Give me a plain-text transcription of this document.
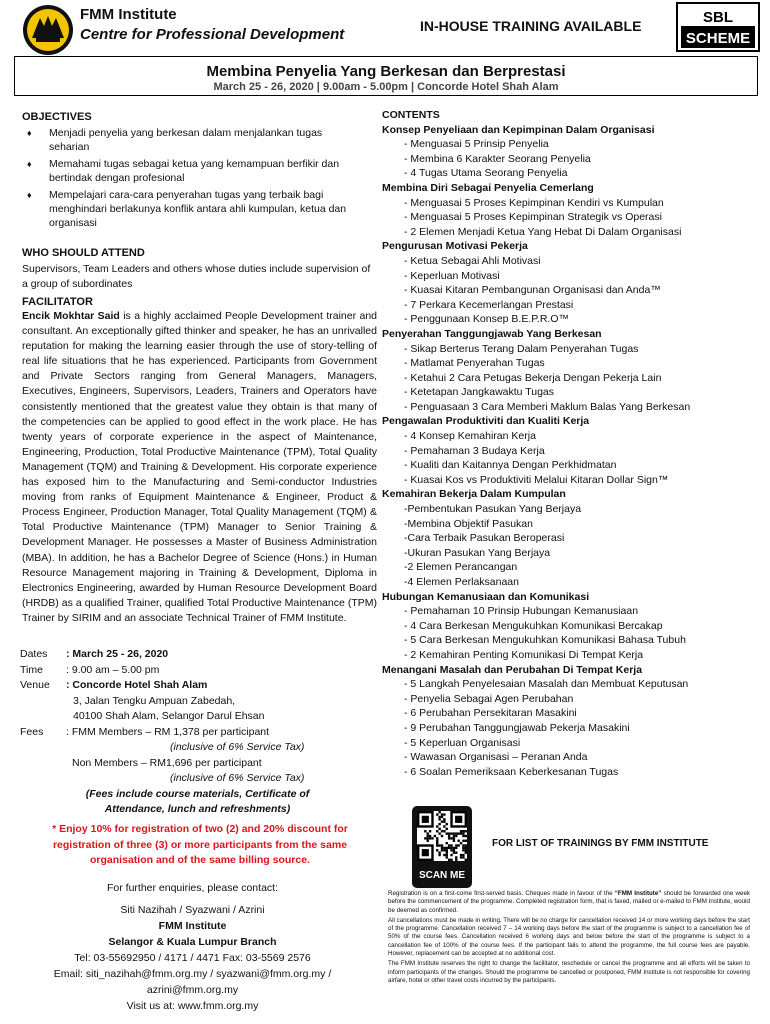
FMM Institute
Centre for Professional Development	IN-HOUSE TRAINING AVAILABLE	SBL
SCHEME
Membina Penyelia Yang Berkesan dan Berprestasi
March 25 - 26, 2020 | 9.00am - 5.00pm | Concorde Hotel Shah Alam
OBJECTIVES
♦ Menjadi penyelia yang berkesan dalam menjalankan tugas seharian
♦ Memahami tugas sebagai ketua yang kemampuan berfikir dan bertindak dengan profesional
♦ Mempelajari cara-cara penyerahan tugas yang terbaik bagi menghindari berlakunya konflik antara ahli kumpulan, ketua dan organisasi
WHO SHOULD ATTEND
Supervisors, Team Leaders and others whose duties include supervision of a group of subordinates
FACILITATOR
Encik Mokhtar Said is a highly acclaimed People Development trainer and consultant. An exceptionally gifted thinker and speaker, he has an unrivalled reputation for making the learning easier through the use of story-telling of real life situations that he has experienced. Participants from Government and Private Sectors ranging from General Managers, Managers, Executives, Engineers, Supervisors, Leaders, Trainers and Operators have consistently mentioned that the greatest value they obtain is that many of the competencies can be applied to good effect in the work place. He has twenty years of corporate experience in the aspect of Maintenance, Engineering, Production, Total Productive Maintenance (TPM), Total Quality Management (TQM) and Training & Development. His corporate experience has exposed him to the Manufacturing and Semi-conductor Industries moving from ranks of Equipment Maintenance & Engineer, Product & Process Engineer, Production Manager, Total Quality Management (TQM) & Total Productive Maintenance (TPM) Manager to Senior Training & Development Manager. He possesses a Master of Business Administration (MBA). In addition, he has a Bachelor Degree of Science (Hons.) in Human Resource Management majoring in Training & Development, Diploma in Electronics Engineering, awarded by Human Resource Development Board (HRDB) as a qualified Trainer, qualified Total Productive Maintenance (TPM) Trainer by SIRIM and an associate Technical Trainer of FMM Institute.
Dates	: March 25 - 26, 2020
Time	: 9.00 am – 5.00 pm
Venue	: Concorde Hotel Shah Alam
3, Jalan Tengku Ampuan Zabedah,
40100 Shah Alam, Selangor Darul Ehsan
Fees	: FMM Members – RM 1,378 per participant
(inclusive of 6% Service Tax)
Non Members – RM1,696 per participant
(inclusive of 6% Service Tax)
(Fees include course materials, Certificate of Attendance, lunch and refreshments)
* Enjoy 10% for registration of two (2) and 20% discount for registration of three (3) or more participants from the same organisation and of the same billing source.
For further enquiries, please contact:
Siti Nazihah / Syazwani / Azrini
FMM Institute
Selangor & Kuala Lumpur Branch
Tel: 03-55692950 / 4171 / 4471 Fax: 03-5569 2576
Email: siti_nazihah@fmm.org.my / syazwani@fmm.org.my /
azrini@fmm.org.my
Visit us at: www.fmm.org.my
CONTENTS
Konsep Penyeliaan dan Kepimpinan Dalam Organisasi
- Menguasai 5 Prinsip Penyelia
- Membina 6 Karakter Seorang Penyelia
- 4 Tugas Utama Seorang Penyelia
Membina Diri Sebagai Penyelia Cemerlang
- Menguasai 5 Proses Kepimpinan Kendiri vs Kumpulan
- Menguasai 5 Proses Kepimpinan Strategik vs Operasi
- 2 Elemen Menjadi Ketua Yang Hebat Di Dalam Organisasi
Pengurusan Motivasi Pekerja
- Ketua Sebagai Ahli Motivasi
- Keperluan Motivasi
- Kuasai Kitaran Pembangunan Organisasi dan Anda™
- 7 Perkara Kecemerlangan Prestasi
- Penggunaan Konsep B.E.P.R.O™
Penyerahan Tanggungjawab Yang Berkesan
- Sikap Berterus Terang Dalam Penyerahan Tugas
- Matlamat Penyerahan Tugas
- Ketahui 2 Cara Petugas Bekerja Dengan Pekerja Lain
- Ketetapan Jangkawaktu Tugas
- Penguasaan 3 Cara Memberi Maklum Balas Yang Berkesan
Pengawalan Produktiviti dan Kualiti Kerja
- 4 Konsep Kemahiran Kerja
- Pemahaman 3 Budaya Kerja
- Kualiti dan Kaitannya Dengan Perkhidmatan
- Kuasai Kos vs Produktiviti Melalui Kitaran Dollar Sign™
Kemahiran Bekerja Dalam Kumpulan
-Pembentukan Pasukan Yang Berjaya
-Membina Objektif Pasukan
-Cara Terbaik Pasukan Beroperasi
-Ukuran Pasukan Yang Berjaya
-2 Elemen Perancangan
-4 Elemen Perlaksanaan
Hubungan Kemanusiaan dan Komunikasi
- Pemahaman 10 Prinsip Hubungan Kemanusiaan
- 4 Cara Berkesan Mengukuhkan Komunikasi Bercakap
- 5 Cara Berkesan Mengukuhkan Komunikasi Bahasa Tubuh
- 2 Kemahiran Penting Komunikasi Di Tempat Kerja
Menangani Masalah dan Perubahan Di Tempat Kerja
- 5 Langkah Penyelesaian Masalah dan Membuat Keputusan
- Penyelia Sebagai Agen Perubahan
- 6 Perubahan Persekitaran Masakini
- 9 Perubahan Tanggungjawab Pekerja Masakini
- 5 Keperluan Organisasi
- Wawasan Organisasi – Peranan Anda
- 6 Soalan Pemeriksaan Keberkesanan Tugas
SCAN ME
FOR LIST OF TRAININGS BY FMM INSTITUTE

Registration is on a first-come first-served basis. Cheques made in favour of the “FMM Institute” should be forwarded one week before the commencement of the programme. Completed registration form, that is faxed, mailed or e-mailed to FMM Institute, would be deemed as confirmed.

All cancellations must be made in writing. There will be no charge for cancellation received 14 or more working days before the start of the programme. Cancellation received 7 – 14 working days before the start of the programme is subject to a cancellation fee of 50% of the course fees. Cancellation received 6 working days and below before the start of the programme is subject to a cancellation fee of 100% of the course fees. If the participant fails to attend the programme, the full course fees are payable. However, replacement can be accepted at no additional cost.

The FMM Institute reserves the right to change the facilitator, reschedule or cancel the programme and all efforts will be taken to inform participants of the changes. Should the programme be cancelled or postponed, FMM Institute is not responsible for covering airfare, hotel or other travel costs incurred by the participants.
